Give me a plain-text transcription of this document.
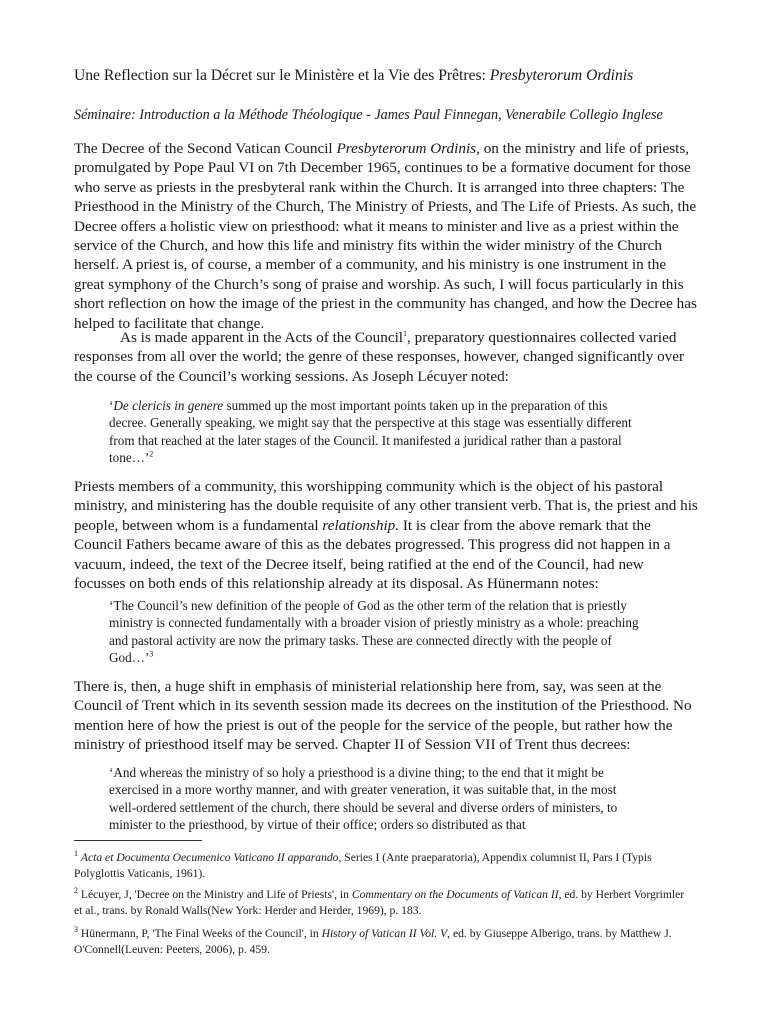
Une Reflection sur la Décret sur le Ministère et la Vie des Prêtres: Presbyterorum Ordinis
Séminaire: Introduction a la Méthode Théologique - James Paul Finnegan, Venerabile Collegio Inglese

The Decree of the Second Vatican Council Presbyterorum Ordinis, on the ministry and life of priests, promulgated by Pope Paul VI on 7th December 1965, continues to be a formative document for those who serve as priests in the presbyteral rank within the Church. It is arranged into three chapters: The Priesthood in the Ministry of the Church, The Ministry of Priests, and The Life of Priests. As such, the Decree offers a holistic view on priesthood: what it means to minister and live as a priest within the service of the Church, and how this life and ministry fits within the wider ministry of the Church herself. A priest is, of course, a member of a community, and his ministry is one instrument in the great symphony of the Church’s song of praise and worship. As such, I will focus particularly in this short reflection on how the image of the priest in the community has changed, and how the Decree has helped to facilitate that change.

As is made apparent in the Acts of the Council$^1$, preparatory questionnaires collected varied responses from all over the world; the genre of these responses, however, changed significantly over the course of the Council’s working sessions. As Joseph Lécuyer noted:

‘De clericis in genere summed up the most important points taken up in the preparation of this decree. Generally speaking, we might say that the perspective at this stage was essentially different from that reached at the later stages of the Council. It manifested a juridical rather than a pastoral tone…’$^2$

Priests members of a community, this worshipping community which is the object of his pastoral ministry, and ministering has the double requisite of any other transient verb. That is, the priest and his people, between whom is a fundamental relationship. It is clear from the above remark that the Council Fathers became aware of this as the debates progressed. This progress did not happen in a vacuum, indeed, the text of the Decree itself, being ratified at the end of the Council, had new focusses on both ends of this relationship already at its disposal. As Hünermann notes:

‘The Council’s new definition of the people of God as the other term of the relation that is priestly ministry is connected fundamentally with a broader vision of priestly ministry as a whole: preaching and pastoral activity are now the primary tasks. These are connected directly with the people of God…’$^3$

There is, then, a huge shift in emphasis of ministerial relationship here from, say, was seen at the Council of Trent which in its seventh session made its decrees on the institution of the Priesthood. No mention here of how the priest is out of the people for the service of the people, but rather how the ministry of priesthood itself may be served. Chapter II of Session VII of Trent thus decrees:

‘And whereas the ministry of so holy a priesthood is a divine thing; to the end that it might be exercised in a more worthy manner, and with greater veneration, it was suitable that, in the most well-ordered settlement of the church, there should be several and diverse orders of ministers, to minister to the priesthood, by virtue of their office; orders so distributed as that

$^1$ Acta et Documenta Oecumenico Vaticano II apparando, Series I (Ante praeparatoria), Appendix columnist II, Pars I (Typis Polyglottis Vaticanis, 1961).

$^2$ Lécuyer, J, 'Decree on the Ministry and Life of Priests', in Commentary on the Documents of Vatican II, ed. by Herbert Vorgrimler et al., trans. by Ronald Walls(New York: Herder and Herder, 1969), p. 183.

$^3$ Hünermann, P, 'The Final Weeks of the Council', in History of Vatican II Vol. V, ed. by Giuseppe Alberigo, trans. by Matthew J. O'Connell(Leuven: Peeters, 2006), p. 459.
